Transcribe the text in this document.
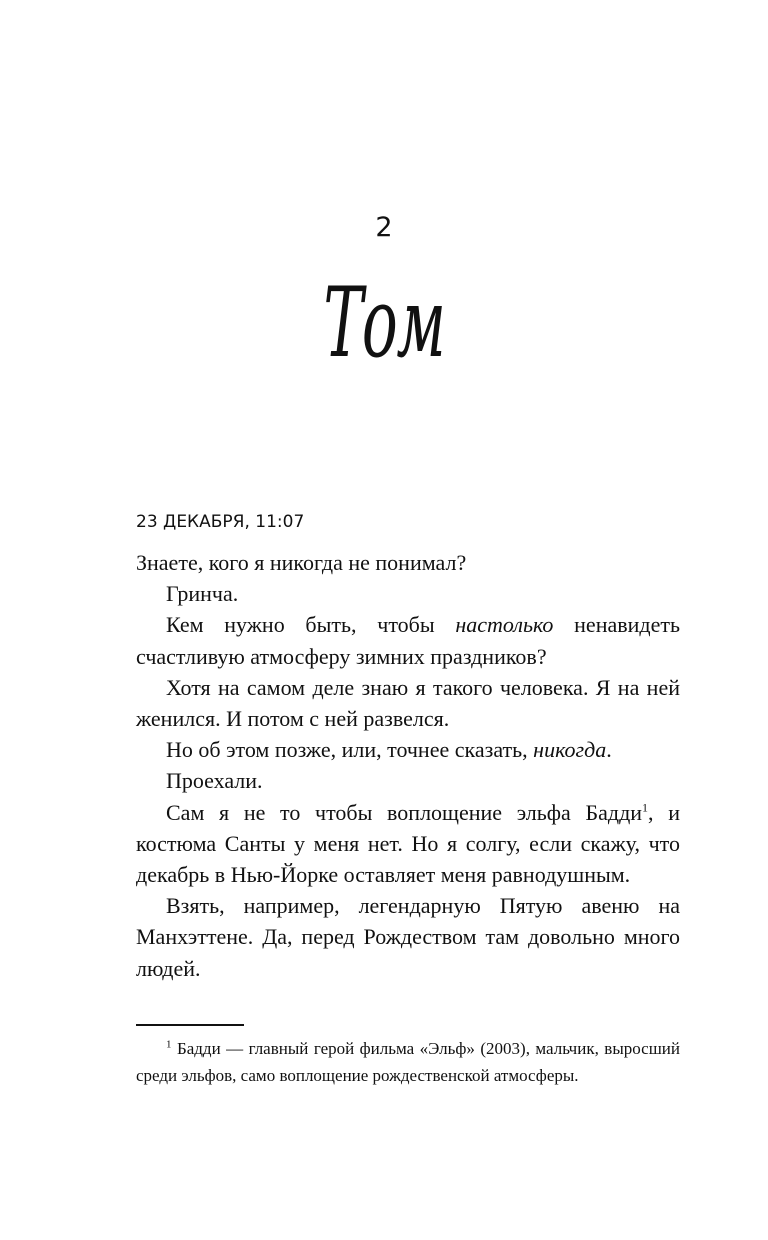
2
Том
23 ДЕКАБРЯ, 11:07

Знаете, кого я никогда не понимал?

Гринча.

Кем нужно быть, чтобы настолько ненавидеть счастливую атмосферу зимних праздников?

Хотя на самом деле знаю я такого человека. Я на ней женился. И потом с ней развелся.

Но об этом позже, или, точнее сказать, никогда.

Проехали.

Сам я не то чтобы воплощение эльфа Бадди$^1$, и костюма Санты у меня нет. Но я солгу, если скажу, что декабрь в Нью-Йорке оставляет меня равнодушным.

Взять, например, легендарную Пятую авеню на Манхэттене. Да, перед Рождеством там довольно много людей.

$^1$ Бадди — главный герой фильма «Эльф» (2003), мальчик, выросший среди эльфов, само воплощение рождественской атмосферы.
